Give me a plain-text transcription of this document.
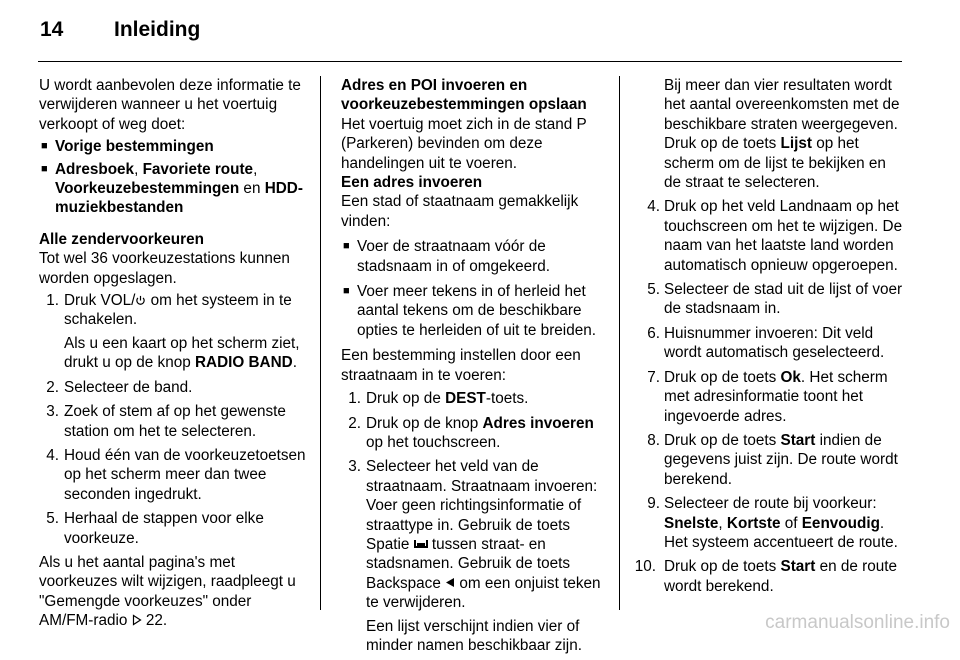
14	Inleiding

U wordt aanbevolen deze informatie te verwijderen wanneer u het voertuig verkoopt of weg doet:

■ Vorige bestemmingen
■ Adresboek, Favoriete route, Voorkeuzebestemmingen en HDD-muziekbestanden

Alle zendervoorkeuren

Tot wel 36 voorkeuzestations kunnen worden opgeslagen.

1. Druk VOL/ om het systeem in te schakelen.

Als u een kaart op het scherm ziet, drukt u op de knop RADIO BAND.

2. Selecteer de band.
3. Zoek of stem af op het gewenste station om het te selecteren.
4. Houd één van de voorkeuzetoetsen op het scherm meer dan twee seconden ingedrukt.
5. Herhaal de stappen voor elke voorkeuze.

Als u het aantal pagina's met voorkeuzes wilt wijzigen, raadpleegt u "Gemengde voorkeuzes" onder AM/FM-radio  22.

Adres en POI invoeren en voorkeuzebestemmingen opslaan

Het voertuig moet zich in de stand P (Parkeren) bevinden om deze handelingen uit te voeren.

Een adres invoeren

Een stad of staatnaam gemakkelijk vinden:

■ Voer de straatnaam vóór de stadsnaam in of omgekeerd.
■ Voer meer tekens in of herleid het aantal tekens om de beschikbare opties te herleiden of uit te breiden.

Een bestemming instellen door een straatnaam in te voeren:

1. Druk op de DEST-toets.
2. Druk op de knop Adres invoeren op het touchscreen.
3. Selecteer het veld van de straatnaam. Straatnaam invoeren: Voer geen richtingsinformatie of straattype in. Gebruik de toets Spatie  tussen straat- en stadsnamen. Gebruik de toets Backspace  om een onjuist teken te verwijderen.

Een lijst verschijnt indien vier of minder namen beschikbaar zijn.

Bij meer dan vier resultaten wordt het aantal overeenkomsten met de beschikbare straten weergegeven. Druk op de toets Lijst op het scherm om de lijst te bekijken en de straat te selecteren.

4. Druk op het veld Landnaam op het touchscreen om het te wijzigen. De naam van het laatste land worden automatisch opnieuw opgeroepen.
5. Selecteer de stad uit de lijst of voer de stadsnaam in.
6. Huisnummer invoeren: Dit veld wordt automatisch geselecteerd.
7. Druk op de toets Ok. Het scherm met adresinformatie toont het ingevoerde adres.
8. Druk op de toets Start indien de gegevens juist zijn. De route wordt berekend.
9. Selecteer de route bij voorkeur: Snelste, Kortste of Eenvoudig. Het systeem accentueert de route.
10. Druk op de toets Start en de route wordt berekend.
carmanualsonline.info
